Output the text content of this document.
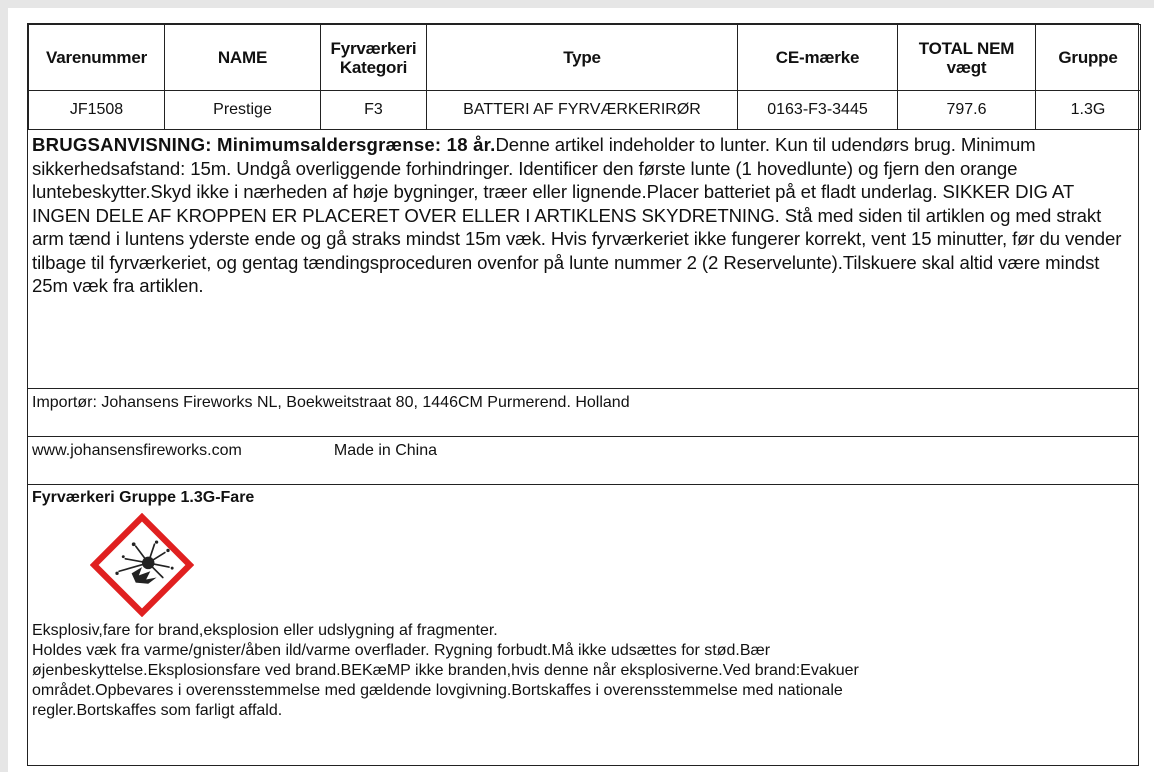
Varenummer	NAME	Fyrværkeri Kategori	Type	CE-mærke	TOTAL NEM vægt	Gruppe
JF1508	Prestige	F3	BATTERI AF FYRVÆRKERIRØR	0163-F3-3445	797.6	1.3G
BRUGSANVISNING: Minimumsaldersgrænse: 18 år.Denne artikel indeholder to lunter. Kun til udendørs brug. Minimum sikkerhedsafstand: 15m. Undgå overliggende forhindringer. Identificer den første lunte (1 hovedlunte) og fjern den orange luntebeskytter.Skyd ikke i nærheden af høje bygninger, træer eller lignende.Placer batteriet på et fladt underlag. SIKKER DIG AT INGEN DELE AF KROPPEN ER PLACERET OVER ELLER I ARTIKLENS SKYDRETNING. Stå med siden til artiklen og med strakt arm tænd i luntens yderste ende og gå straks mindst 15m væk. Hvis fyrværkeriet ikke fungerer korrekt, vent 15 minutter, før du vender tilbage til fyrværkeriet, og gentag tændingsproceduren ovenfor på lunte nummer 2 (2 Reservelunte).Tilskuere skal altid være mindst 25m væk fra artiklen.
Importør: Johansens Fireworks NL, Boekweitstraat 80, 1446CM Purmerend. Holland
www.johansensfireworks.com	Made in China
Fyrværkeri Gruppe 1.3G-Fare
Eksplosiv,fare for brand,eksplosion eller udslygning af fragmenter.
Holdes væk fra varme/gnister/åben ild/varme overflader. Rygning forbudt.Må ikke udsættes for stød.Bær
øjenbeskyttelse.Eksplosionsfare ved brand.BEKæMP ikke branden,hvis denne når eksplosiverne.Ved brand:Evakuer
området.Opbevares i overensstemmelse med gældende lovgivning.Bortskaffes i overensstemmelse med nationale
regler.Bortskaffes som farligt affald.
